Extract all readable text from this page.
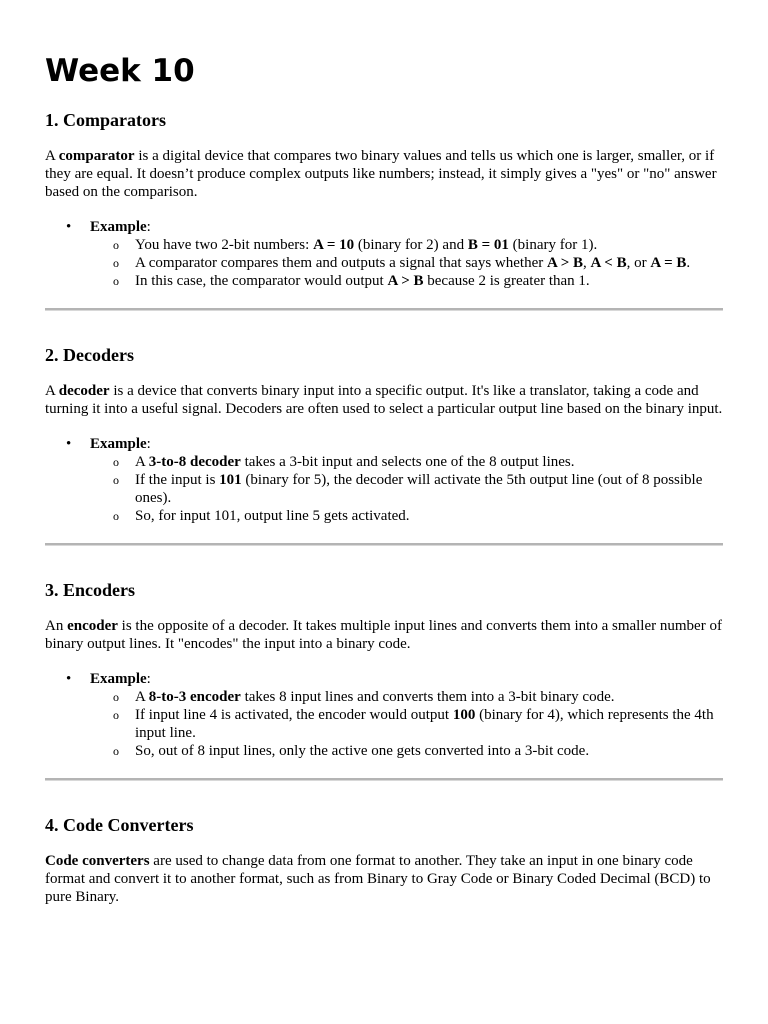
Week 10
1. Comparators

A comparator is a digital device that compares two binary values and tells us which one is larger, smaller, or if they are equal. It doesn’t produce complex outputs like numbers; instead, it simply gives a "yes" or "no" answer based on the comparison.

• Example:
o You have two 2-bit numbers: A = 10 (binary for 2) and B = 01 (binary for 1).
o A comparator compares them and outputs a signal that says whether A > B, A < B, or A = B.
o In this case, the comparator would output A > B because 2 is greater than 1.
2. Decoders

A decoder is a device that converts binary input into a specific output. It's like a translator, taking a code and turning it into a useful signal. Decoders are often used to select a particular output line based on the binary input.

• Example:
o A 3-to-8 decoder takes a 3-bit input and selects one of the 8 output lines.
o If the input is 101 (binary for 5), the decoder will activate the 5th output line (out of 8 possible ones).
o So, for input 101, output line 5 gets activated.
3. Encoders

An encoder is the opposite of a decoder. It takes multiple input lines and converts them into a smaller number of binary output lines. It "encodes" the input into a binary code.

• Example:
o A 8-to-3 encoder takes 8 input lines and converts them into a 3-bit binary code.
o If input line 4 is activated, the encoder would output 100 (binary for 4), which represents the 4th input line.
o So, out of 8 input lines, only the active one gets converted into a 3-bit code.
4. Code Converters

Code converters are used to change data from one format to another. They take an input in one binary code format and convert it to another format, such as from Binary to Gray Code or Binary Coded Decimal (BCD) to pure Binary.
